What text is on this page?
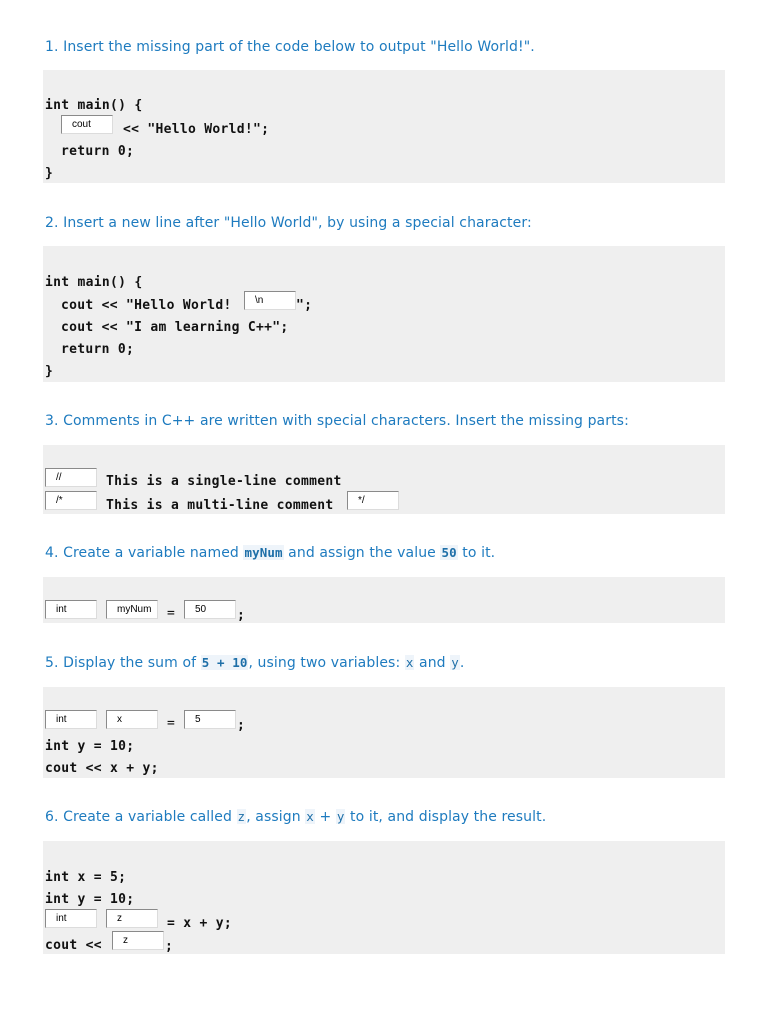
1. Insert the missing part of the code below to output "Hello World!".

int main() {
cout
<< "Hello World!";
return 0;
}

2. Insert a new line after "Hello World", by using a special character:

int main() {
cout << "Hello World!
\n	";
cout << "I am learning C++";
return 0;
}

3. Comments in C++ are written with special characters. Insert the missing parts:

//
This is a single-line comment
/*
This is a multi-line comment
*/

4. Create a variable named myNum and assign the value 50 to it.

int
myNum
=
50	;

5. Display the sum of 5 + 10, using two variables: x and y.

int
x
=
5	;
int y = 10;
cout << x + y;

6. Create a variable called z, assign x + y to it, and display the result.

int x = 5;
int y = 10;
int
z
= x + y;
cout <<
z	;
